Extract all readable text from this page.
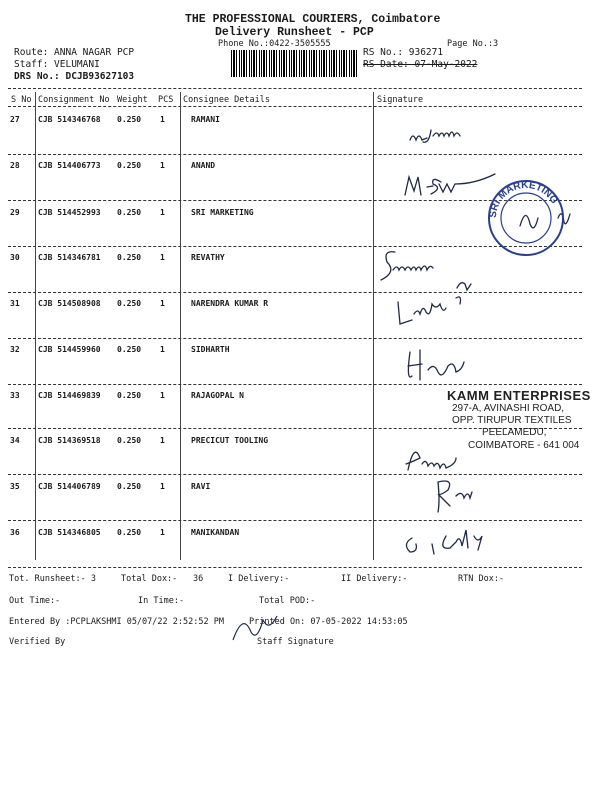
THE PROFESSIONAL COURIERS, Coimbatore
Delivery Runsheet - PCP
Phone No.:0422-3505555	Page No.:3
Route: ANNA NAGAR PCP
Staff: VELUMANI
DRS No.: DCJB93627103
RS No.: 936271
RS Date: 07-May-2022
S No Consignment No Weight PCS Consignee Details	Signature
27 CJB 514346768 0.250 1	RAMANI
28 CJB 514406773 0.250 1	ANAND
29 CJB 514452993 0.250 1	SRI MARKETING
30 CJB 514346781 0.250 1	REVATHY
31 CJB 514508908 0.250 1	NARENDRA KUMAR R
32 CJB 514459960 0.250 1	SIDHARTH
33 CJB 514469839 0.250 1	RAJAGOPAL N
34 CJB 514369518 0.250 1	PRECICUT TOOLING
35 CJB 514406789 0.250 1	RAVI
36 CJB 514346805 0.250 1	MANIKANDAN
SRI MARKETING
KAMM ENTERPRISES
297-A, AVINASHI ROAD,
OPP. TIRUPUR TEXTILES
PEELAMEDU,
COIMBATORE - 641 004
Tot. Runsheet:- 3	Total Dox:- 36	I Delivery:-	II Delivery:-	RTN Dox:-
Out Time:-	In Time:-	Total POD:-
Entered By :PCPLAKSHMI 05/07/22 2:52:52 PM	Printed On: 07-05-2022 14:53:05
Verified By	Staff Signature
